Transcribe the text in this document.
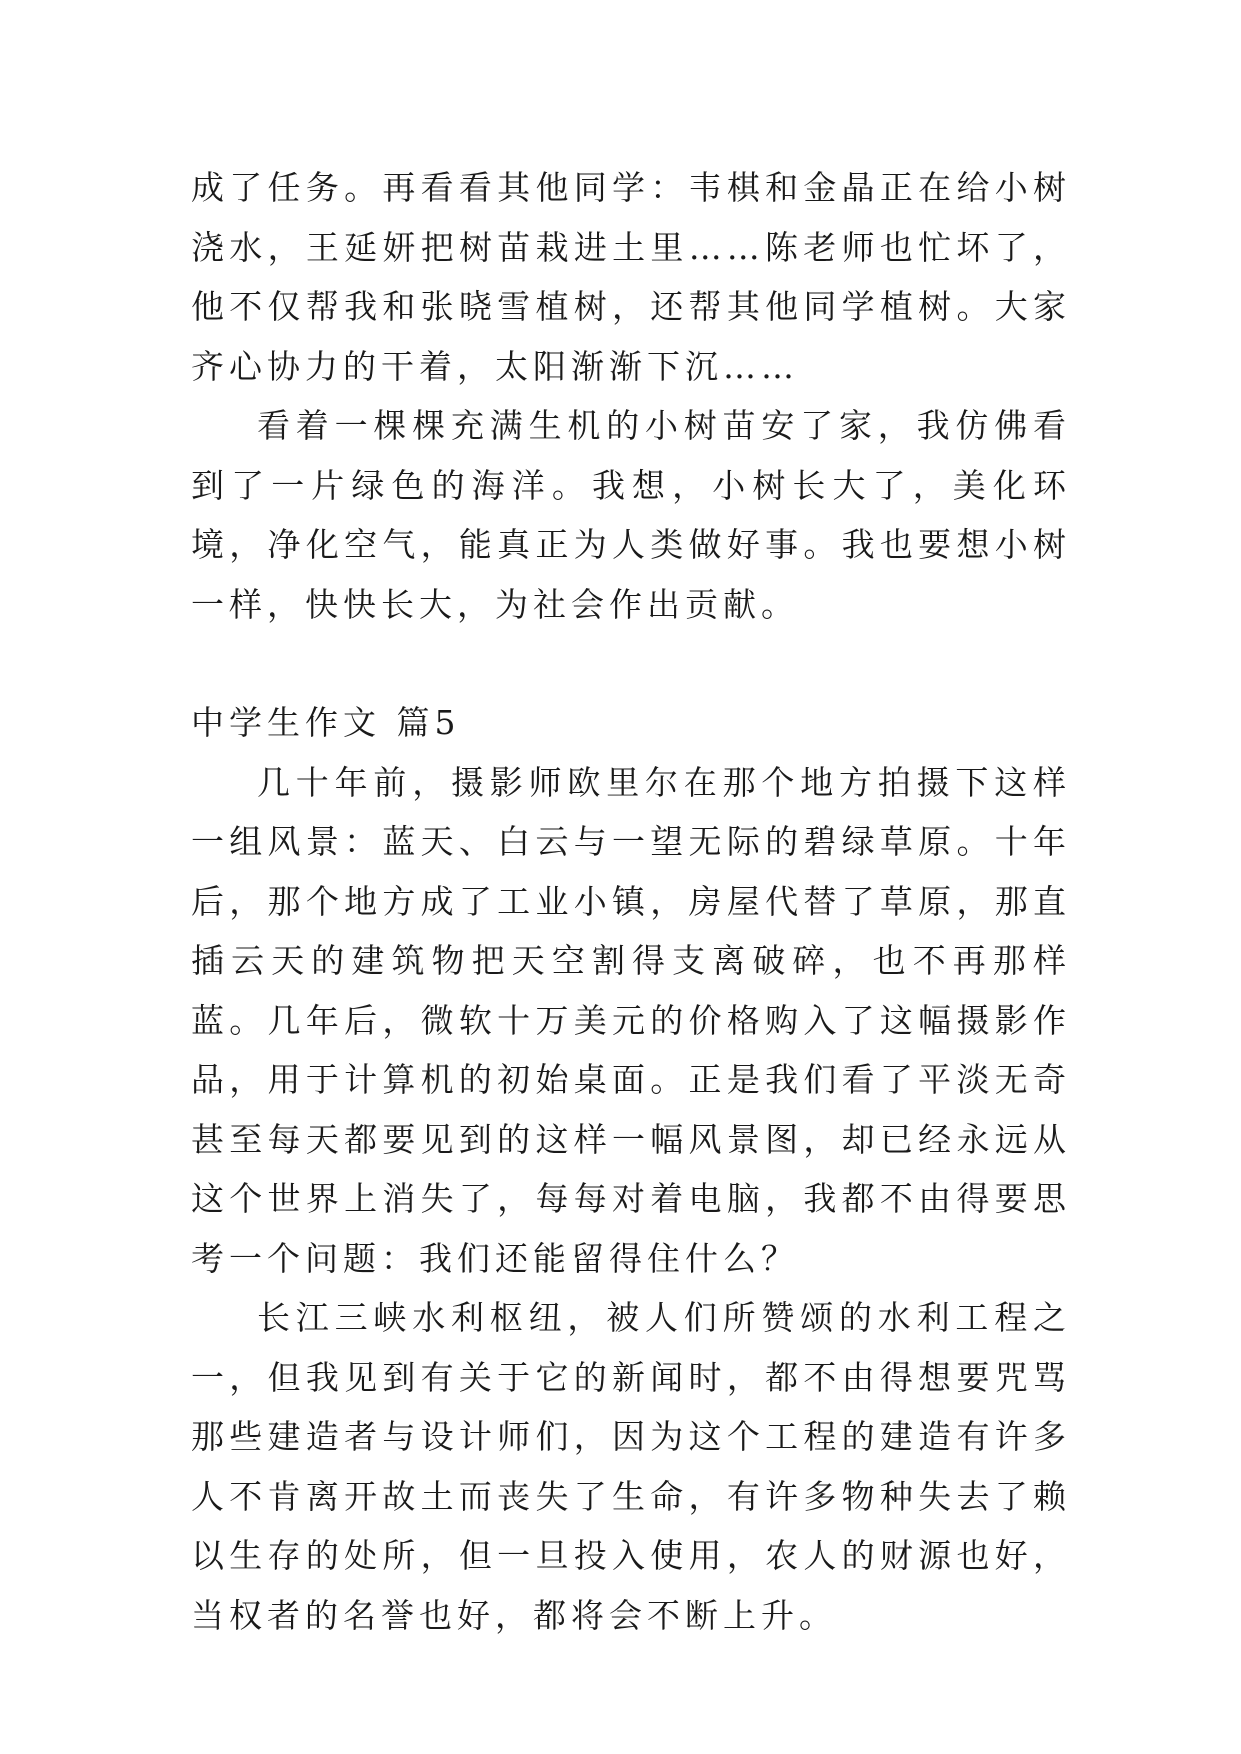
成了任务。再看看其他同学：韦棋和金晶正在给小树浇水，王延妍把树苗栽进土里……陈老师也忙坏了，他不仅帮我和张晓雪植树，还帮其他同学植树。大家齐心协力的干着，太阳渐渐下沉……

看着一棵棵充满生机的小树苗安了家，我仿佛看到了一片绿色的海洋。我想，小树长大了，美化环境，净化空气，能真正为人类做好事。我也要想小树一样，快快长大，为社会作出贡献。

中学生作文 篇5

几十年前，摄影师欧里尔在那个地方拍摄下这样一组风景：蓝天、白云与一望无际的碧绿草原。十年后，那个地方成了工业小镇，房屋代替了草原，那直插云天的建筑物把天空割得支离破碎，也不再那样蓝。几年后，微软十万美元的价格购入了这幅摄影作品，用于计算机的初始桌面。正是我们看了平淡无奇甚至每天都要见到的这样一幅风景图，却已经永远从这个世界上消失了，每每对着电脑，我都不由得要思考一个问题：我们还能留得住什么？

长江三峡水利枢纽，被人们所赞颂的水利工程之一，但我见到有关于它的新闻时，都不由得想要咒骂那些建造者与设计师们，因为这个工程的建造有许多人不肯离开故土而丧失了生命，有许多物种失去了赖以生存的处所，但一旦投入使用，农人的财源也好，当权者的名誉也好，都将会不断上升。
